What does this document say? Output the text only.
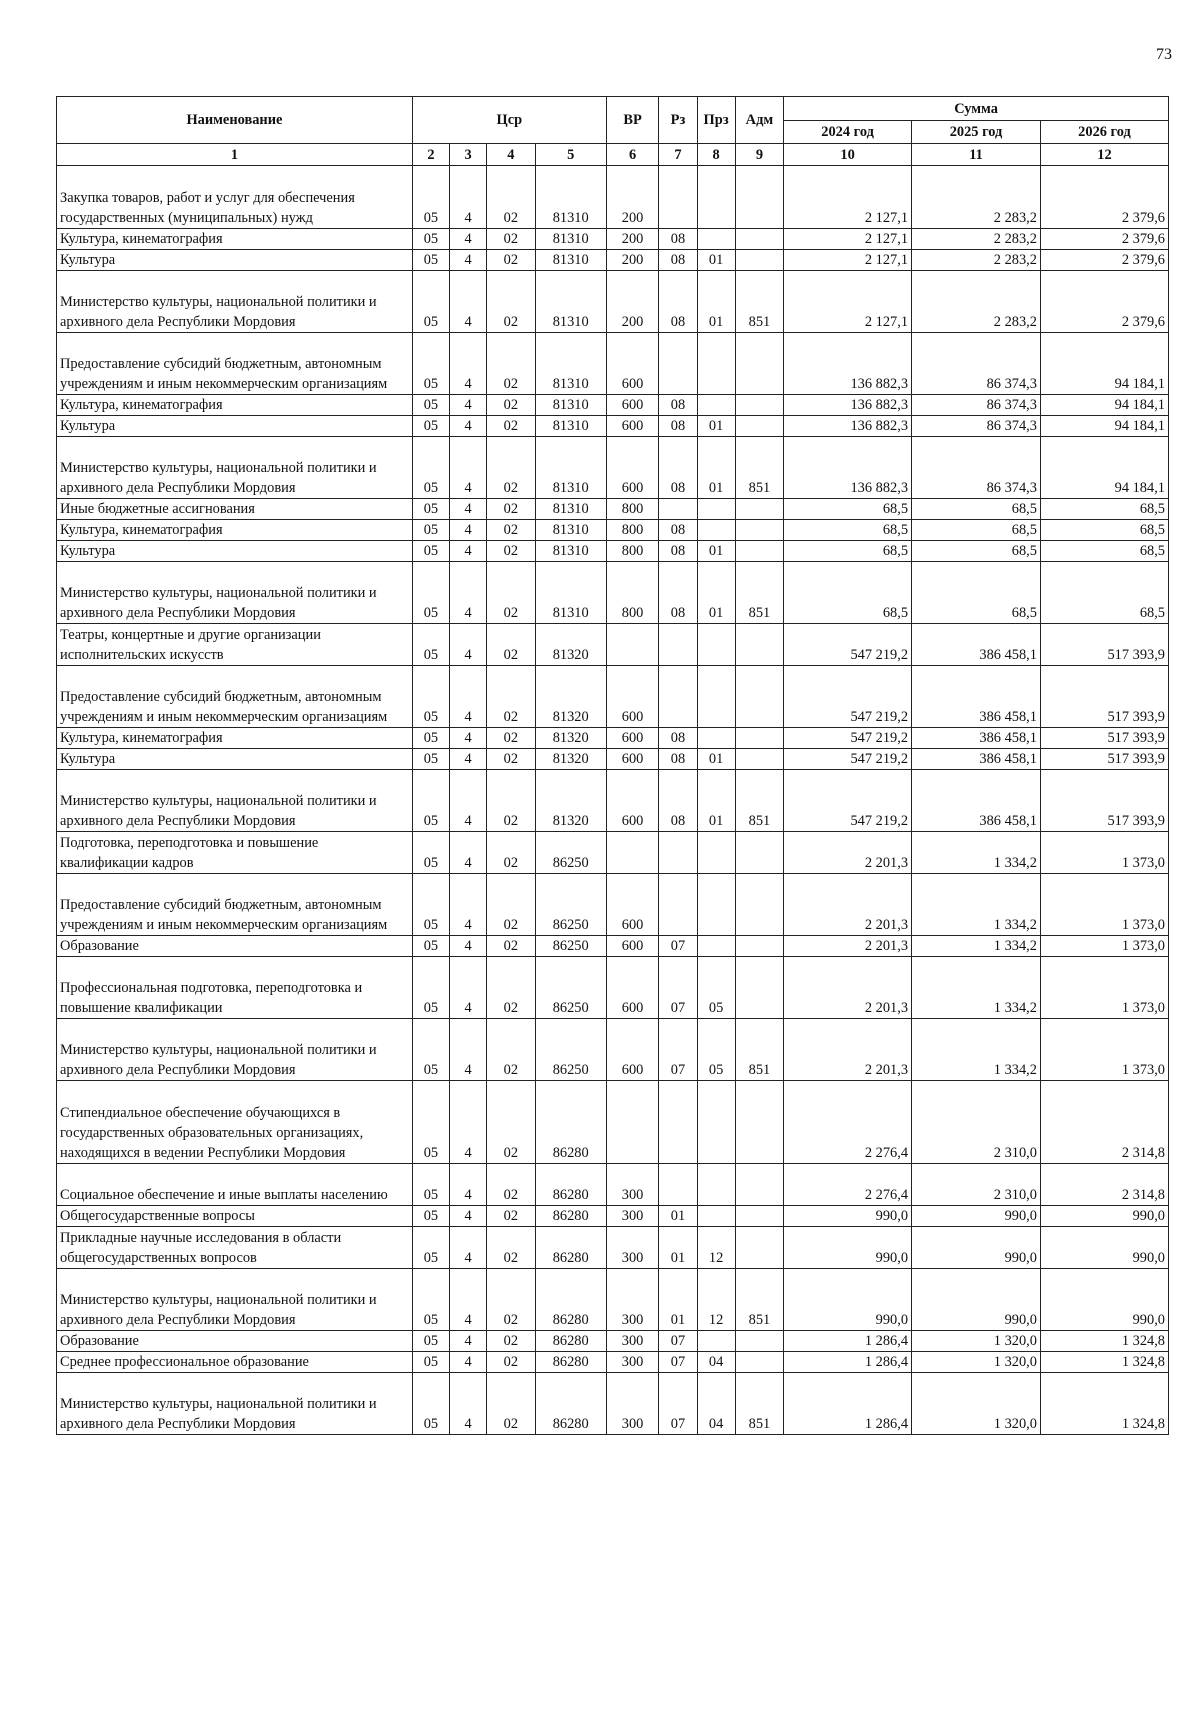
73
Наименование	Цср				ВР	Рз	Прз	Адм	Сумма		
									2024 год	2025 год	2026 год
1	2	3	4	5	6	7	8	9	10	11	12
Закупка товаров, работ и услуг для обеспечения государственных (муниципальных) нужд	05	4	02	81310	200				2 127,1	2 283,2	2 379,6
Культура, кинематография	05	4	02	81310	200	08			2 127,1	2 283,2	2 379,6
Культура	05	4	02	81310	200	08	01		2 127,1	2 283,2	2 379,6
Министерство культуры, национальной политики и архивного дела Республики Мордовия	05	4	02	81310	200	08	01	851	2 127,1	2 283,2	2 379,6
Предоставление субсидий бюджетным, автономным учреждениям и иным некоммерческим организациям	05	4	02	81310	600				136 882,3	86 374,3	94 184,1
Культура, кинематография	05	4	02	81310	600	08			136 882,3	86 374,3	94 184,1
Культура	05	4	02	81310	600	08	01		136 882,3	86 374,3	94 184,1
Министерство культуры, национальной политики и архивного дела Республики Мордовия	05	4	02	81310	600	08	01	851	136 882,3	86 374,3	94 184,1
Иные бюджетные ассигнования	05	4	02	81310	800				68,5	68,5	68,5
Культура, кинематография	05	4	02	81310	800	08			68,5	68,5	68,5
Культура	05	4	02	81310	800	08	01		68,5	68,5	68,5
Министерство культуры, национальной политики и архивного дела Республики Мордовия	05	4	02	81310	800	08	01	851	68,5	68,5	68,5
Театры, концертные и другие организации исполнительских искусств	05	4	02	81320					547 219,2	386 458,1	517 393,9
Предоставление субсидий бюджетным, автономным учреждениям и иным некоммерческим организациям	05	4	02	81320	600				547 219,2	386 458,1	517 393,9
Культура, кинематография	05	4	02	81320	600	08			547 219,2	386 458,1	517 393,9
Культура	05	4	02	81320	600	08	01		547 219,2	386 458,1	517 393,9
Министерство культуры, национальной политики и архивного дела Республики Мордовия	05	4	02	81320	600	08	01	851	547 219,2	386 458,1	517 393,9
Подготовка, переподготовка и повышение квалификации кадров	05	4	02	86250					2 201,3	1 334,2	1 373,0
Предоставление субсидий бюджетным, автономным учреждениям и иным некоммерческим организациям	05	4	02	86250	600				2 201,3	1 334,2	1 373,0
Образование	05	4	02	86250	600	07			2 201,3	1 334,2	1 373,0
Профессиональная подготовка, переподготовка и повышение квалификации	05	4	02	86250	600	07	05		2 201,3	1 334,2	1 373,0
Министерство культуры, национальной политики и архивного дела Республики Мордовия	05	4	02	86250	600	07	05	851	2 201,3	1 334,2	1 373,0
Стипендиальное обеспечение обучающихся в государственных образовательных организациях, находящихся в ведении Республики Мордовия	05	4	02	86280					2 276,4	2 310,0	2 314,8
Социальное обеспечение и иные выплаты населению	05	4	02	86280	300				2 276,4	2 310,0	2 314,8
Общегосударственные вопросы	05	4	02	86280	300	01			990,0	990,0	990,0
Прикладные научные исследования в области общегосударственных вопросов	05	4	02	86280	300	01	12		990,0	990,0	990,0
Министерство культуры, национальной политики и архивного дела Республики Мордовия	05	4	02	86280	300	01	12	851	990,0	990,0	990,0
Образование	05	4	02	86280	300	07			1 286,4	1 320,0	1 324,8
Среднее профессиональное образование	05	4	02	86280	300	07	04		1 286,4	1 320,0	1 324,8
Министерство культуры, национальной политики и архивного дела Республики Мордовия	05	4	02	86280	300	07	04	851	1 286,4	1 320,0	1 324,8
